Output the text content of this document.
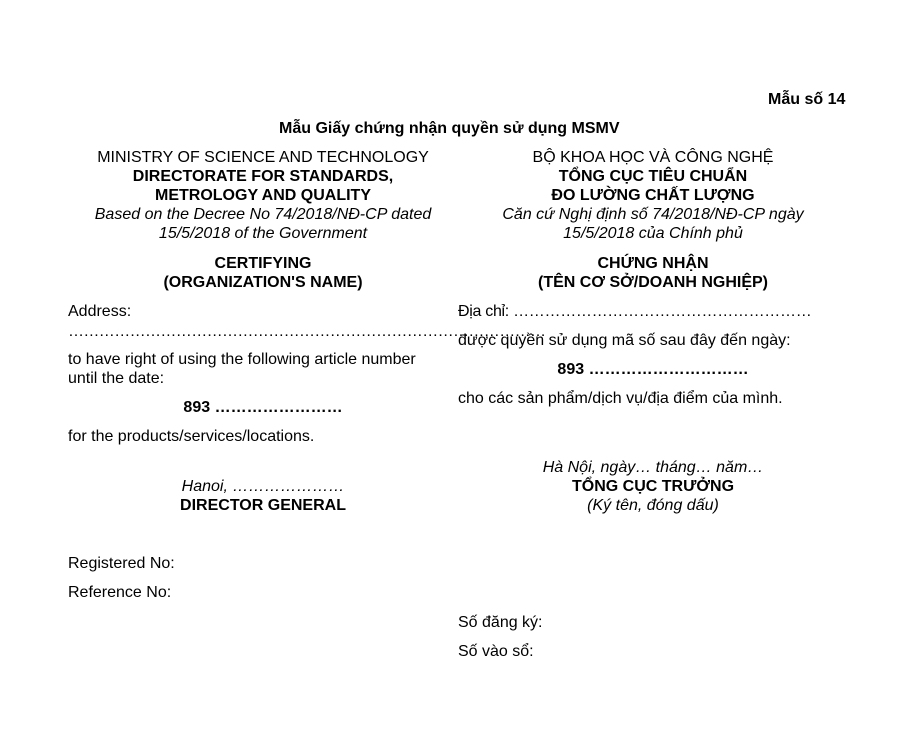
Mẫu số 14
Mẫu Giấy chứng nhận quyền sử dụng MSMV
MINISTRY OF SCIENCE AND TECHNOLOGY
DIRECTORATE FOR STANDARDS,
METROLOGY AND QUALITY
Based on the Decree No 74/2018/NĐ-CP dated
15/5/2018 of the Government
CERTIFYING
(ORGANIZATION'S NAME)
Address:
…………………………………………………………………………………
to have right of using the following article number
until the date:
893 ……………………
for the products/services/locations.
Hanoi, …………………
DIRECTOR GENERAL
Registered No:
Reference No:
BỘ KHOA HỌC VÀ CÔNG NGHỆ
TỔNG CỤC TIÊU CHUẨN
ĐO LƯỜNG CHẤT LƯỢNG
Căn cứ Nghị định số 74/2018/NĐ-CP ngày
15/5/2018 của Chính phủ
CHỨNG NHẬN
(TÊN CƠ SỞ/DOANH NGHIỆP)
Địa chỉ: …………………………………………………
được quyền sử dụng mã số sau đây đến ngày:
893 …………………………
cho các sản phẩm/dịch vụ/địa điểm của mình.
Hà Nội, ngày… tháng… năm…
TỔNG CỤC TRƯỞNG
(Ký tên, đóng dấu)
Số đăng ký:
Số vào sổ:
